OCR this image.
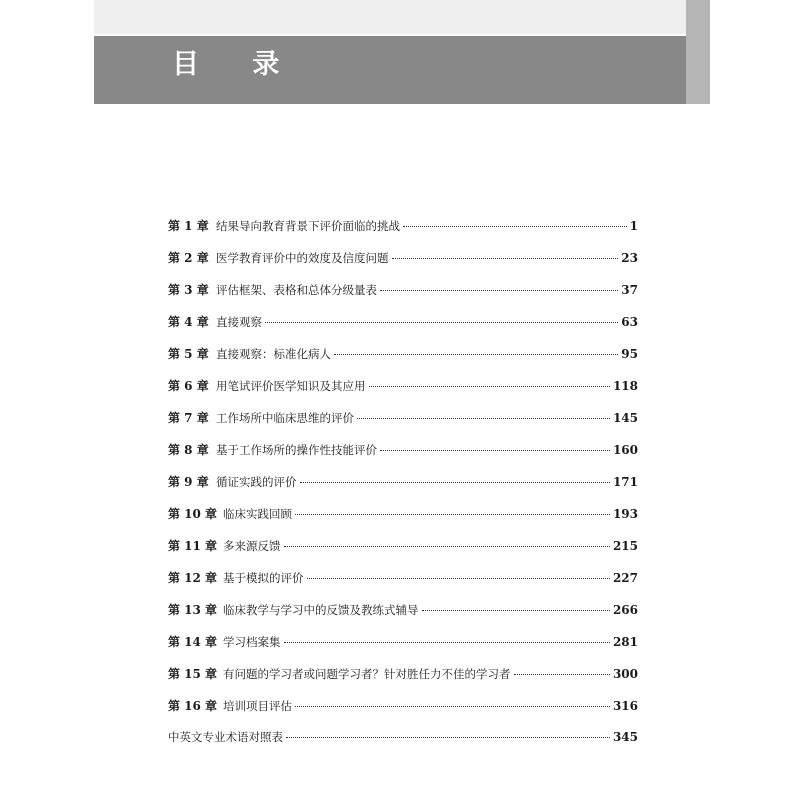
目 录
第 1 章 结果导向教育背景下评价面临的挑战	1
第 2 章 医学教育评价中的效度及信度问题	23
第 3 章 评估框架、表格和总体分级量表	37
第 4 章 直接观察	63
第 5 章 直接观察：标准化病人	95
第 6 章 用笔试评价医学知识及其应用	118
第 7 章 工作场所中临床思维的评价	145
第 8 章 基于工作场所的操作性技能评价	160
第 9 章 循证实践的评价	171
第 10 章 临床实践回顾	193
第 11 章 多来源反馈	215
第 12 章 基于模拟的评价	227
第 13 章 临床教学与学习中的反馈及教练式辅导	266
第 14 章 学习档案集	281
第 15 章 有问题的学习者或问题学习者？针对胜任力不佳的学习者	300
第 16 章 培训项目评估	316
中英文专业术语对照表	345
